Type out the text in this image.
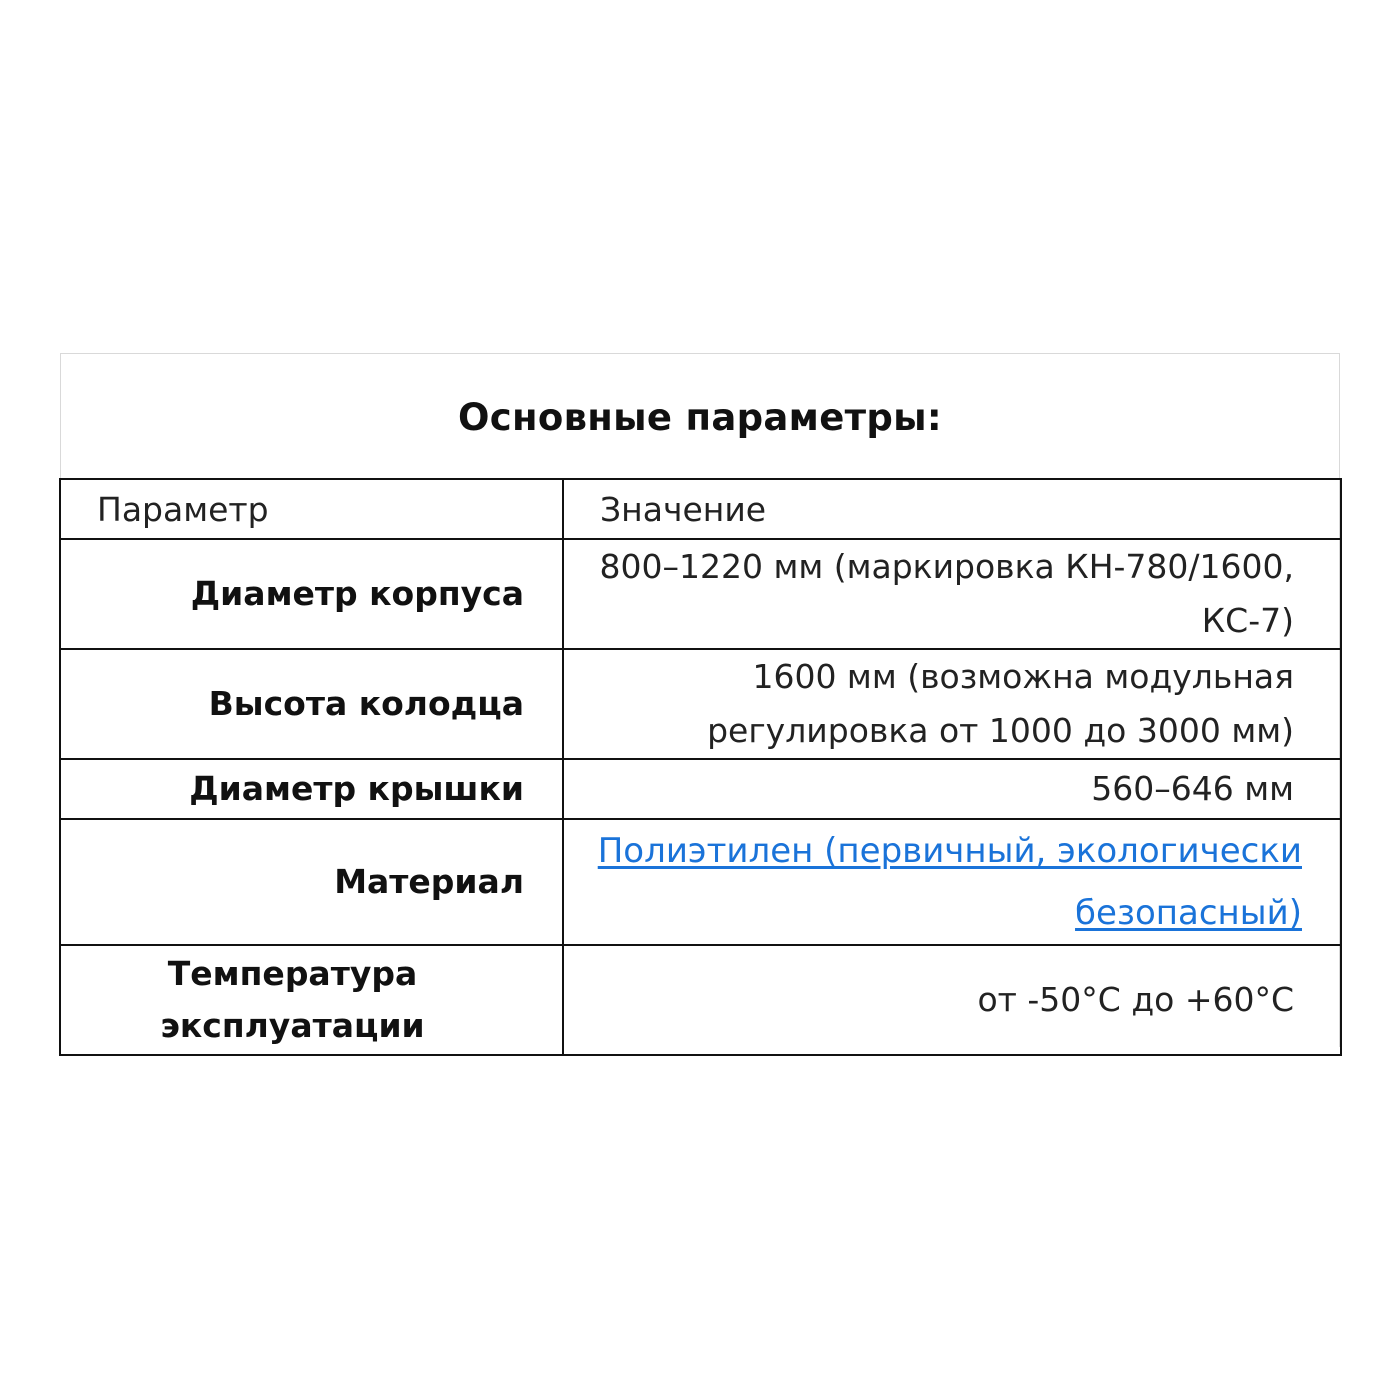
Основные параметры:
Параметр	Значение
Диаметр корпуса	800–1220 мм (маркировка КН-780/1600, КС-7)
Высота колодца	1600 мм (возможна модульная регулировка от 1000 до 3000 мм)
Диаметр крышки	560–646 мм
Материал	Полиэтилен (первичный, экологически безопасный)
Температура эксплуатации	от -50°C до +60°C
